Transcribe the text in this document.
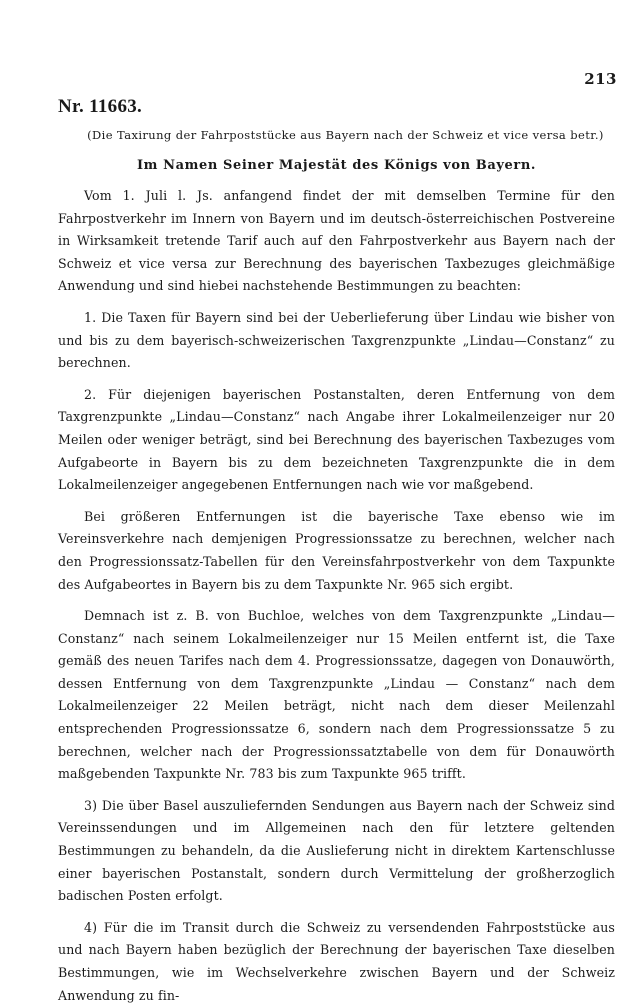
213
Nr. 11663.
(Die Taxirung der Fahrpoststücke aus Bayern nach der Schweiz et vice versa betr.)
Im Namen Seiner Majestät des Königs von Bayern.

Vom 1. Juli l. Js. anfangend findet der mit demselben Termine für den Fahrpostverkehr im Innern von Bayern und im deutsch-österreichischen Postvereine in Wirksamkeit tretende Tarif auch auf den Fahrpostverkehr aus Bayern nach der Schweiz et vice versa zur Berechnung des bayerischen Taxbezuges gleichmäßige Anwendung und sind hiebei nachstehende Bestimmungen zu beachten:

1. Die Taxen für Bayern sind bei der Ueberlieferung über Lindau wie bisher von und bis zu dem bayerisch-schweizerischen Taxgrenzpunkte „Lindau—Constanz“ zu berechnen.

2. Für diejenigen bayerischen Postanstalten, deren Entfernung von dem Taxgrenzpunkte „Lindau—Constanz“ nach Angabe ihrer Lokalmeilenzeiger nur 20 Meilen oder weniger beträgt, sind bei Berechnung des bayerischen Taxbezuges vom Aufgabeorte in Bayern bis zu dem bezeichneten Taxgrenzpunkte die in dem Lokalmeilenzeiger angegebenen Entfernungen nach wie vor maßgebend.

Bei größeren Entfernungen ist die bayerische Taxe ebenso wie im Vereinsverkehre nach demjenigen Progressionssatze zu berechnen, welcher nach den Progressionssatz-Tabellen für den Vereinsfahrpostverkehr von dem Taxpunkte des Aufgabeortes in Bayern bis zu dem Taxpunkte Nr. 965 sich ergibt.

Demnach ist z. B. von Buchloe, welches von dem Taxgrenzpunkte „Lindau—Constanz“ nach seinem Lokalmeilenzeiger nur 15 Meilen entfernt ist, die Taxe gemäß des neuen Tarifes nach dem 4. Progressionssatze, dagegen von Donauwörth, dessen Entfernung von dem Taxgrenzpunkte „Lindau — Constanz“ nach dem Lokalmeilenzeiger 22 Meilen beträgt, nicht nach dem dieser Meilenzahl entsprechenden Progressionssatze 6, sondern nach dem Progressionssatze 5 zu berechnen, welcher nach der Progressionssatztabelle von dem für Donauwörth maßgebenden Taxpunkte Nr. 783 bis zum Taxpunkte 965 trifft.

3) Die über Basel auszuliefernden Sendungen aus Bayern nach der Schweiz sind Vereinssendungen und im Allgemeinen nach den für letztere geltenden Bestimmungen zu behandeln, da die Auslieferung nicht in direktem Kartenschlusse einer bayerischen Postanstalt, sondern durch Vermittelung der großherzoglich badischen Posten erfolgt.

4) Für die im Transit durch die Schweiz zu versendenden Fahrpoststücke aus und nach Bayern haben bezüglich der Berechnung der bayerischen Taxe dieselben Bestimmungen, wie im Wechselverkehre zwischen Bayern und der Schweiz Anwendung zu fin-
